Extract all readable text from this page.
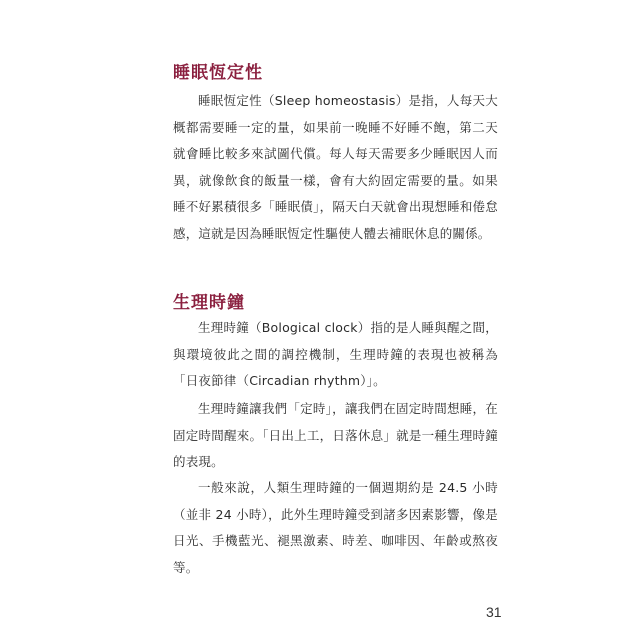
睡眠恆定性

睡眠恆定性（Sleep homeostasis）是指，人每天大概都需要睡一定的量，如果前一晚睡不好睡不飽，第二天就會睡比較多來試圖代償。每人每天需要多少睡眠因人而異，就像飲食的飯量一樣，會有大約固定需要的量。如果睡不好累積很多「睡眠債」，隔天白天就會出現想睡和倦怠感，這就是因為睡眠恆定性驅使人體去補眠休息的關係。

生理時鐘

生理時鐘（Bological clock）指的是人睡與醒之間，與環境彼此之間的調控機制，生理時鐘的表現也被稱為「日夜節律（Circadian rhythm）」。

生理時鐘讓我們「定時」，讓我們在固定時間想睡，在固定時間醒來。「日出上工，日落休息」就是一種生理時鐘的表現。

一般來說，人類生理時鐘的一個週期約是 24.5 小時（並非 24 小時），此外生理時鐘受到諸多因素影響，像是日光、手機藍光、褪黑激素、時差、咖啡因、年齡或熬夜等。

31
